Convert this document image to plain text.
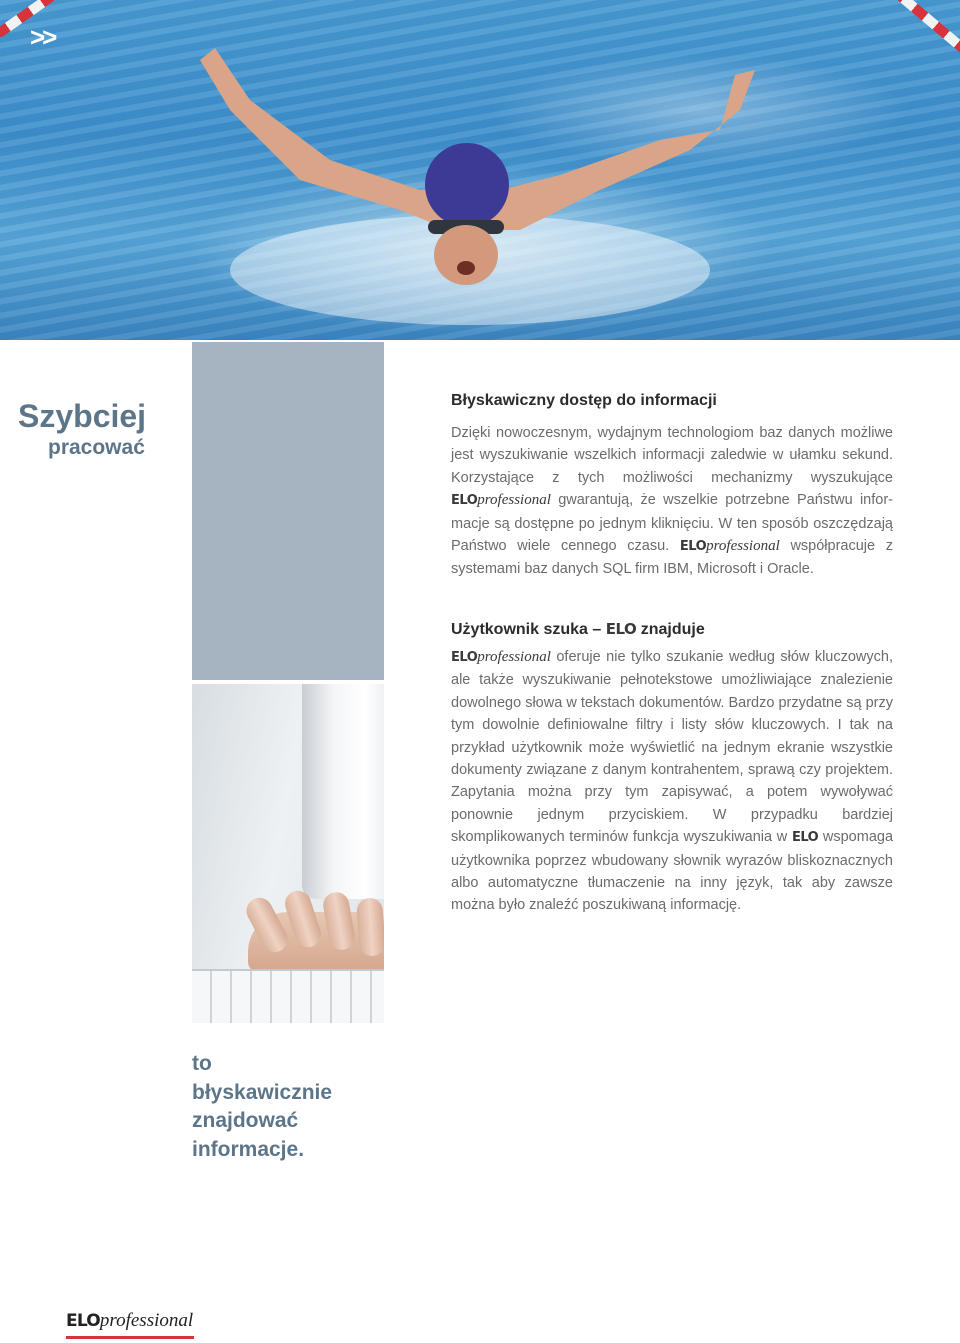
>>
Szybciej
pracować
Błyskawiczny dostęp do informacji

Dzięki nowoczesnym, wydajnym technologiom baz danych możliwe jest wyszukiwanie wszelkich informacji zaledwie w ułamku sekund. Korzystające z tych możliwości mechanizmy wyszukujące ELOprofessional gwarantują, że wszelkie potrzebne Państwu informacje są dostępne po jednym kliknięciu. W ten sposób oszczędzają Państwo wiele cennego czasu. ELOprofessional współpracuje z systemami baz danych SQL firm IBM, Microsoft i Oracle.

Użytkownik szuka – ELO znajduje

ELOprofessional oferuje nie tylko szukanie według słów kluczowych, ale także wyszukiwanie pełnotekstowe umożliwiające znalezienie dowolnego słowa w tekstach dokumentów. Bardzo przydatne są przy tym dowolnie definiowalne filtry i listy słów kluczowych. I tak na przykład użytkownik może wyświetlić na jednym ekranie wszystkie dokumenty związane z danym kontrahentem, sprawą czy projektem. Zapytania można przy tym zapisywać, a potem wywoływać ponownie jednym przyciskiem. W przypadku bardziej skomplikowanych terminów funkcja wyszukiwania w ELO wspomaga użytkownika poprzez wbudowany słownik wyrazów bliskoznacznych albo automatyczne tłumaczenie na inny język, tak aby zawsze można było znaleźć poszukiwaną informację.

to
błyskawicznie
znajdować
informacje.
ELOprofessional
